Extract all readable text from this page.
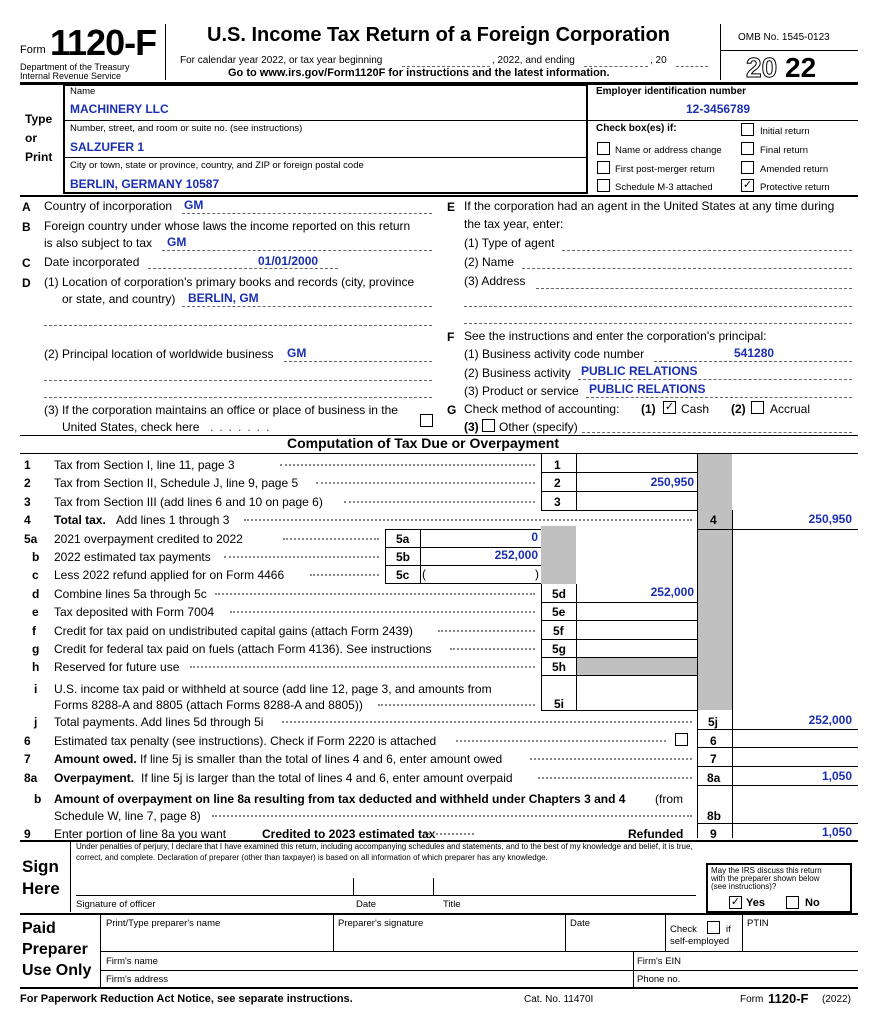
Form 1120-F
Department of the Treasury
Internal Revenue Service
U.S. Income Tax Return of a Foreign Corporation
For calendar year 2022, or tax year beginning	, 2022, and ending	, 20
Go to www.irs.gov/Form1120F for instructions and the latest information.
OMB No. 1545-0123
20 22
Type
or
Print
Name
MACHINERY LLC
Number, street, and room or suite no. (see instructions)
SALZUFER 1
City or town, state or province, country, and ZIP or foreign postal code
BERLIN, GERMANY 10587
Employer identification number
12-3456789
Check box(es) if:	Initial return
Name or address change	Final return
First post-merger return	Amended return
Schedule M-3 attached	✓ Protective return
A Country of incorporation GM
B Foreign country under whose laws the income reported on this return
is also subject to tax GM
C Date incorporated	01/01/2000
D (1) Location of corporation's primary books and records (city, province
or state, and country) BERLIN, GM
(2) Principal location of worldwide business GM
(3) If the corporation maintains an office or place of business in the
United States, check here .......
E If the corporation had an agent in the United States at any time during
the tax year, enter:
(1) Type of agent
(2) Name
(3) Address
F See the instructions and enter the corporation's principal:
(1) Business activity code number	541280
(2) Business activity PUBLIC RELATIONS
(3) Product or service PUBLIC RELATIONS
G Check method of accounting: (1) ✓ Cash (2) Accrual
(3) Other (specify)
Computation of Tax Due or Overpayment
1 Tax from Section I, line 11, page 3	1
2 Tax from Section II, Schedule J, line 9, page 5	2	250,950
3 Tax from Section III (add lines 6 and 10 on page 6)	3
4 Total tax. Add lines 1 through 3	4	250,950
5a 2021 overpayment credited to 2022	5a	0
b 2022 estimated tax payments	5b	252,000
c Less 2022 refund applied for on Form 4466	5c (	)
d Combine lines 5a through 5c	5d	252,000
e Tax deposited with Form 7004	5e
f Credit for tax paid on undistributed capital gains (attach Form 2439)	5f
g Credit for federal tax paid on fuels (attach Form 4136). See instructions	5g
h Reserved for future use	5h
i U.S. income tax paid or withheld at source (add line 12, page 3, and amounts from
Forms 8288-A and 8805 (attach Forms 8288-A and 8805))	5i
j Total payments. Add lines 5d through 5i	5j	252,000
6 Estimated tax penalty (see instructions). Check if Form 2220 is attached	6
7 Amount owed. If line 5j is smaller than the total of lines 4 and 6, enter amount owed	7
8a Overpayment. If line 5j is larger than the total of lines 4 and 6, enter amount overpaid	8a	1,050
b Amount of overpayment on line 8a resulting from tax deducted and withheld under Chapters 3 and 4 (from
Schedule W, line 7, page 8)	8b
9 Enter portion of line 8a you want	Credited to 2023 estimated tax	Refunded 9	1,050
Sign
Here
Under penalties of perjury, I declare that I have examined this return, including accompanying schedules and statements, and to the best of my knowledge and belief, it is true,
correct, and complete. Declaration of preparer (other than taxpayer) is based on all information of which preparer has any knowledge.
Signature of officer	Date	Title
May the IRS discuss this return
with the preparer shown below
(see instructions)?
✓ Yes	No
Paid
Preparer
Use Only
Print/Type preparer's name	Preparer's signature	Date
Check	if
self-employed
PTIN
Firm's name	Firm's EIN
Firm's address	Phone no.
For Paperwork Reduction Act Notice, see separate instructions.	Cat. No. 11470I	Form 1120-F (2022)
